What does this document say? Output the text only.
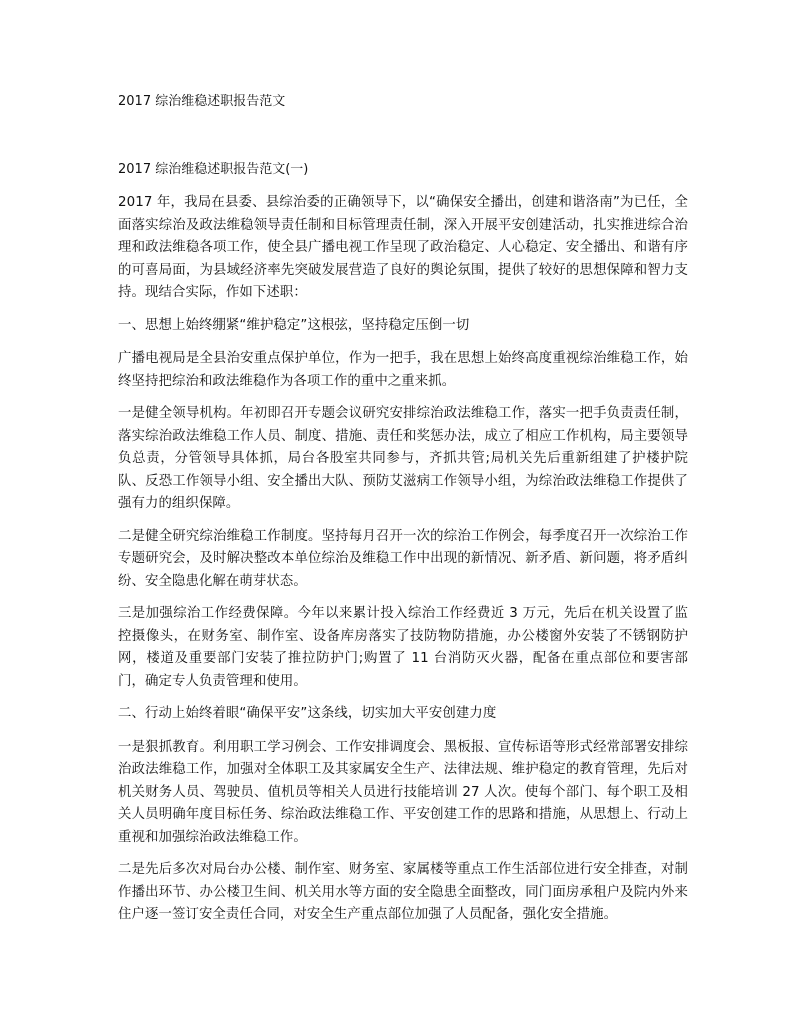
2017 综治维稳述职报告范文
2017 综治维稳述职报告范文(一)

2017 年，我局在县委、县综治委的正确领导下，以“确保安全播出，创建和谐洛南”为已任，全面落实综治及政法维稳领导责任制和目标管理责任制，深入开展平安创建活动，扎实推进综合治理和政法维稳各项工作，使全县广播电视工作呈现了政治稳定、人心稳定、安全播出、和谐有序的可喜局面，为县域经济率先突破发展营造了良好的舆论氛围，提供了较好的思想保障和智力支持。现结合实际，作如下述职：

一、思想上始终绷紧“维护稳定”这根弦，坚持稳定压倒一切

广播电视局是全县治安重点保护单位，作为一把手，我在思想上始终高度重视综治维稳工作，始终坚持把综治和政法维稳作为各项工作的重中之重来抓。

一是健全领导机构。年初即召开专题会议研究安排综治政法维稳工作，落实一把手负责责任制，落实综治政法维稳工作人员、制度、措施、责任和奖惩办法，成立了相应工作机构，局主要领导负总责，分管领导具体抓，局台各股室共同参与，齐抓共管;局机关先后重新组建了护楼护院队、反恐工作领导小组、安全播出大队、预防艾滋病工作领导小组，为综治政法维稳工作提供了强有力的组织保障。

二是健全研究综治维稳工作制度。坚持每月召开一次的综治工作例会，每季度召开一次综治工作专题研究会，及时解决整改本单位综治及维稳工作中出现的新情况、新矛盾、新问题，将矛盾纠纷、安全隐患化解在萌芽状态。

三是加强综治工作经费保障。今年以来累计投入综治工作经费近 3 万元，先后在机关设置了监控摄像头，在财务室、制作室、设备库房落实了技防物防措施，办公楼窗外安装了不锈钢防护网，楼道及重要部门安装了推拉防护门;购置了 11 台消防灭火器，配备在重点部位和要害部门，确定专人负责管理和使用。

二、行动上始终着眼“确保平安”这条线，切实加大平安创建力度

一是狠抓教育。利用职工学习例会、工作安排调度会、黑板报、宣传标语等形式经常部署安排综治政法维稳工作，加强对全体职工及其家属安全生产、法律法规、维护稳定的教育管理，先后对机关财务人员、驾驶员、值机员等相关人员进行技能培训 27 人次。使每个部门、每个职工及相关人员明确年度目标任务、综治政法维稳工作、平安创建工作的思路和措施，从思想上、行动上重视和加强综治政法维稳工作。

二是先后多次对局台办公楼、制作室、财务室、家属楼等重点工作生活部位进行安全排查，对制作播出环节、办公楼卫生间、机关用水等方面的安全隐患全面整改，同门面房承租户及院内外来住户逐一签订安全责任合同，对安全生产重点部位加强了人员配备，强化安全措施。
